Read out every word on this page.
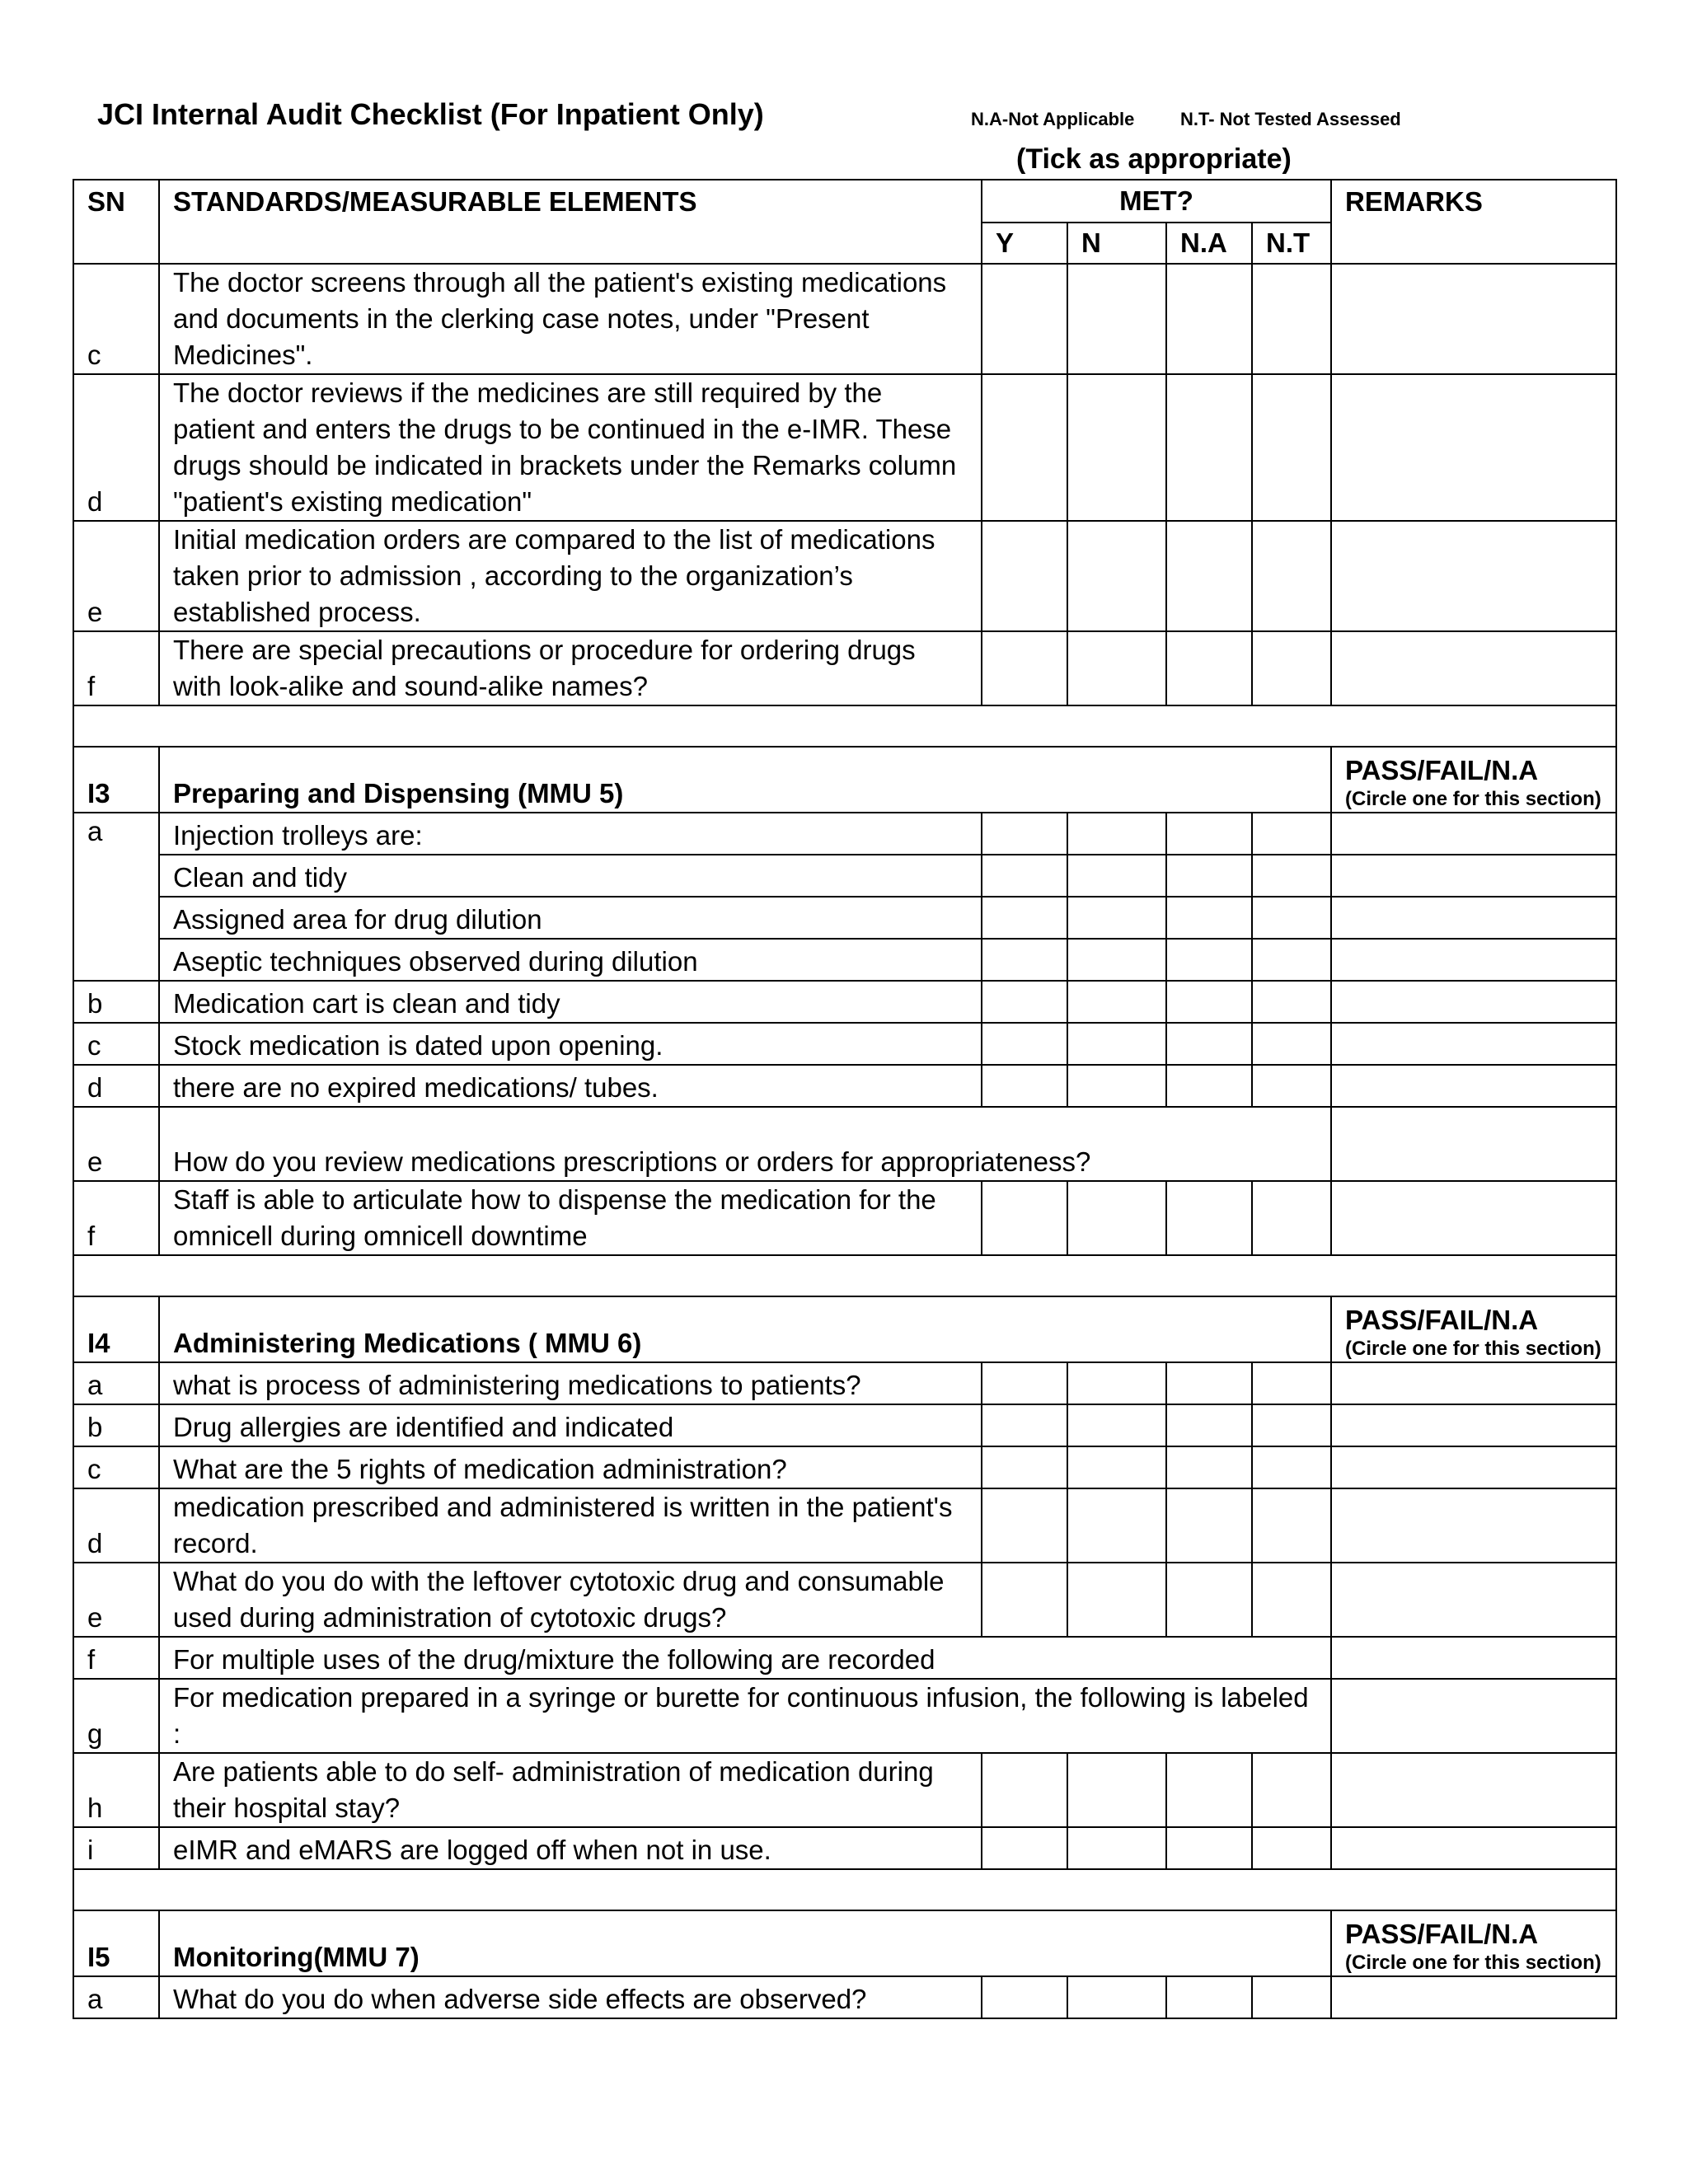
JCI Internal Audit Checklist (For Inpatient Only)	N.A-Not Applicable	N.T- Not Tested Assessed
(Tick as appropriate)
SN	STANDARDS/MEASURABLE ELEMENTS	MET?				REMARKS
		Y	N	N.A	N.T	
c	The doctor screens through all the patient's existing medications and documents in the clerking case notes, under "Present Medicines".					
d	The doctor reviews if the medicines are still required by the patient and enters the drugs to be continued in the e-IMR. These drugs should be indicated in brackets under the Remarks column "patient's existing medication"					
e	Initial medication orders are compared to the list of medications taken prior to admission , according to the organization’s established process.					
f	There are special precautions or procedure for ordering drugs with look-alike and sound-alike names?					

I3	Preparing and Dispensing (MMU 5)					PASS/FAIL/N.A
(Circle one for this section)

a	Injection trolleys are:					
	Clean and tidy					
	Assigned area for drug dilution					
	Aseptic techniques observed during dilution					
b	Medication cart is clean and tidy					
c	Stock medication is dated upon opening.					
d	there are no expired medications/ tubes.					
e	How do you review medications prescriptions or orders for appropriateness?					
f	Staff is able to articulate how to dispense the medication for the omnicell during omnicell downtime					

I4	Administering Medications ( MMU 6)					PASS/FAIL/N.A
(Circle one for this section)

a	what is process of administering medications to patients?					
b	Drug allergies are identified and indicated					
c	What are the 5 rights of medication administration?					
d	medication prescribed and administered is written in the patient's record.					
e	What do you do with the leftover cytotoxic drug and consumable used during administration of cytotoxic drugs?					
f	For multiple uses of the drug/mixture the following are recorded					
g	For medication prepared in a syringe or burette for continuous infusion, the following is labeled :					
h	Are patients able to do self- administration of medication during their hospital stay?					
i	eIMR and eMARS are logged off when not in use.					

I5	Monitoring(MMU 7)					PASS/FAIL/N.A
(Circle one for this section)

a	What do you do when adverse side effects are observed?					
